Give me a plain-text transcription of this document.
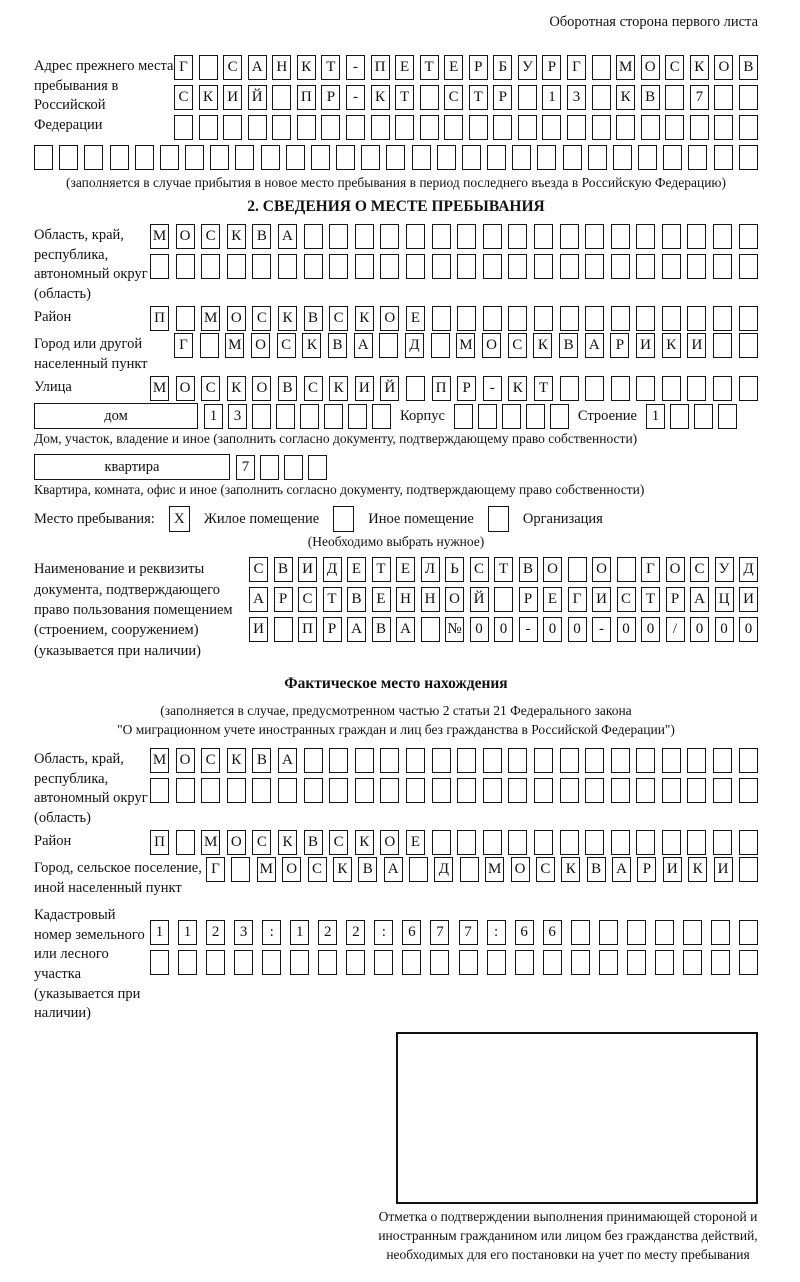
Оборотная сторона первого листа
Адрес прежнего места пребывания в Российской Федерации
Г	С А Н К Т	-	П Е	Т	Е	Р	Б У	Р	Г	М О С К О В
С К И Й	П Р	-	К Т	С Т	Р	1	3	К В	7
(заполняется в случае прибытия в новое место пребывания в период последнего въезда в Российскую Федерацию)
2. СВЕДЕНИЯ О МЕСТЕ ПРЕБЫВАНИЯ
Область, край, республика, автономный округ (область)
М О С	К	В	А
Район	П	М О С	К	В	С	К	О	Е
Город или другой населенный пункт
Г	М О С	К	В	А	Д	М О С	К	В	А	Р	И К	И
Улица	М О С	К	О В	С	К	И Й	П	Р	-	К	Т
дом	1	3	Корпус	Строение 1
Дом, участок, владение и иное (заполнить согласно документу, подтверждающему право собственности)
квартира	7
Квартира, комната, офис и иное (заполнить согласно документу, подтверждающему право собственности)
Место пребывания:	X	Жилое помещение	Иное помещение	Организация
(Необходимо выбрать нужное)
Наименование и реквизиты документа, подтверждающего право пользования помещением (строением, сооружением) (указывается при наличии)
С В И Д Е	Т	Е Л	Ь	С Т В О	О	Г О С У Д
А Р	С Т В Е Н Н О Й	Р	Е	Г И С Т	Р А Ц И
И	П Р А В А № 0	0	-	0	0	-	0	0	/	0	0	0
Фактическое место нахождения
(заполняется в случае, предусмотренном частью 2 статьи 21 Федерального закона
"О миграционном учете иностранных граждан и лиц без гражданства в Российской Федерации")
Область, край, республика, автономный округ (область)
М О С	К	В	А
Район	П	М О С	К	В	С	К	О	Е
Город, сельское поселение, иной населенный пункт
Г	М О С	К	В А	Д	М О С	К	В А	Р	И К И
Кадастровый номер земельного или лесного участка (указывается при наличии)
1	1	2	3	:	1	2	2	:	6	7	7	:	6	6
Отметка о подтверждении выполнения принимающей стороной и иностранным гражданином или лицом без гражданства действий, необходимых для его постановки на учет по месту пребывания
